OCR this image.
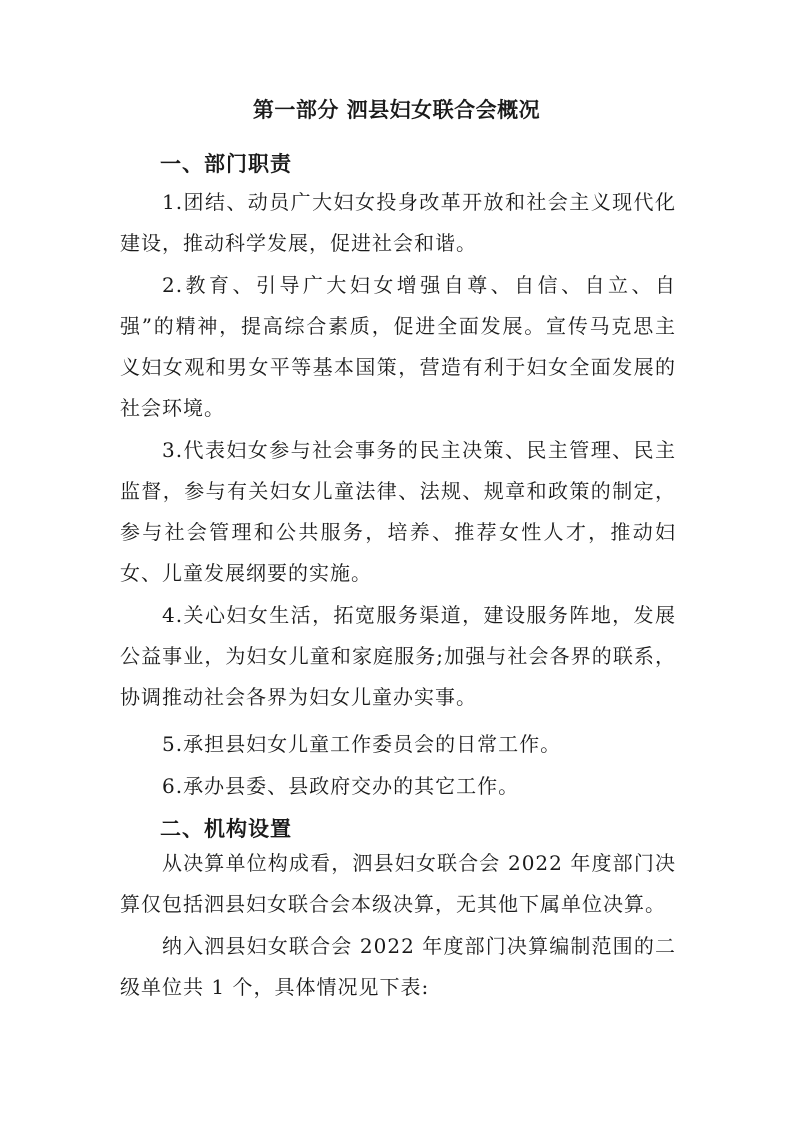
第一部分 泗县妇女联合会概况
一、部门职责
1.团结、动员广大妇女投身改革开放和社会主义现代化建设，推动科学发展，促进社会和谐。
2.教育、引导广大妇女增强自尊、自信、自立、自强”的精神，提高综合素质，促进全面发展。宣传马克思主义妇女观和男女平等基本国策，营造有利于妇女全面发展的社会环境。
3.代表妇女参与社会事务的民主决策、民主管理、民主监督，参与有关妇女儿童法律、法规、规章和政策的制定，参与社会管理和公共服务，培养、推荐女性人才，推动妇女、儿童发展纲要的实施。
4.关心妇女生活，拓宽服务渠道，建设服务阵地，发展公益事业，为妇女儿童和家庭服务;加强与社会各界的联系，协调推动社会各界为妇女儿童办实事。
5.承担县妇女儿童工作委员会的日常工作。
6.承办县委、县政府交办的其它工作。
二、机构设置
从决算单位构成看，泗县妇女联合会 2022 年度部门决算仅包括泗县妇女联合会本级决算，无其他下属单位决算。
纳入泗县妇女联合会 2022 年度部门决算编制范围的二级单位共 1 个，具体情况见下表:
